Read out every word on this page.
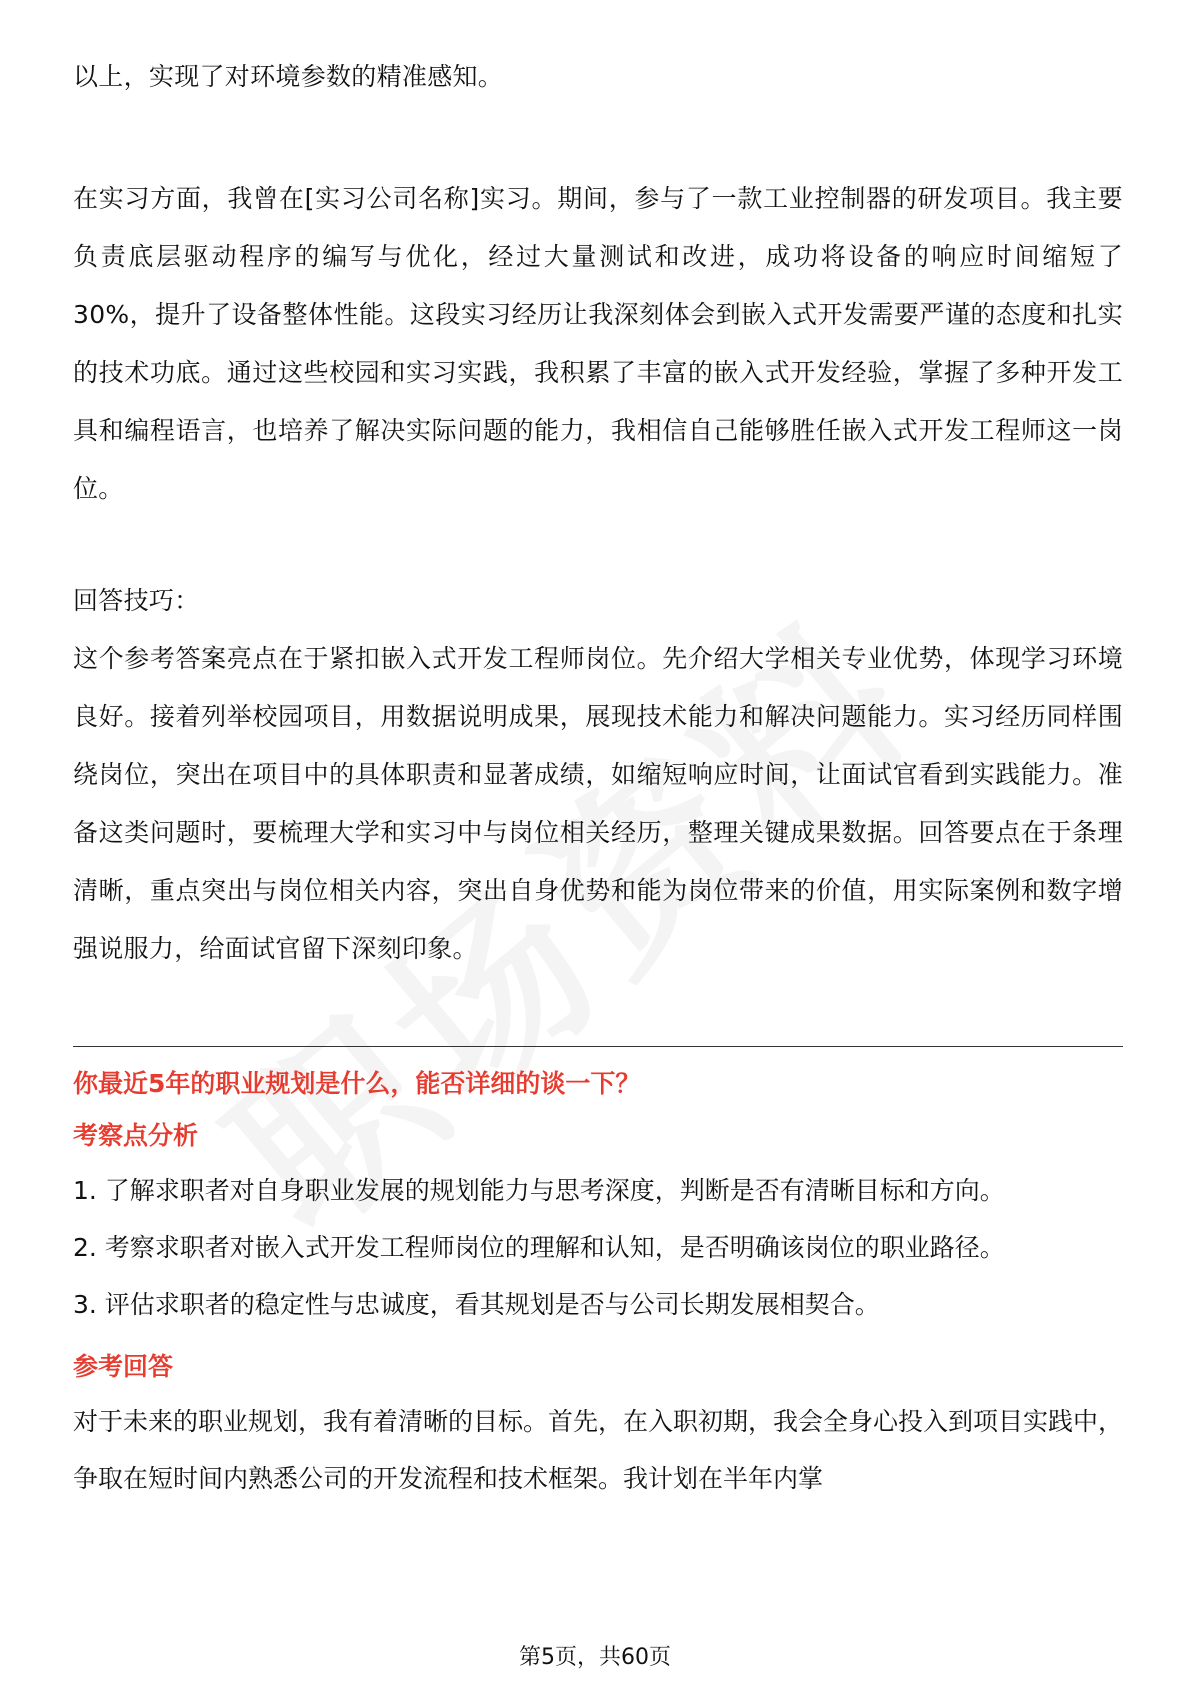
以上，实现了对环境参数的精准感知。

在实习方面，我曾在[实习公司名称]实习。期间，参与了一款工业控制器的研发项目。我主要负责底层驱动程序的编写与优化，经过大量测试和改进，成功将设备的响应时间缩短了 30%，提升了设备整体性能。这段实习经历让我深刻体会到嵌入式开发需要严谨的态度和扎实的技术功底。通过这些校园和实习实践，我积累了丰富的嵌入式开发经验，掌握了多种开发工具和编程语言，也培养了解决实际问题的能力，我相信自己能够胜任嵌入式开发工程师这一岗位。

回答技巧：

这个参考答案亮点在于紧扣嵌入式开发工程师岗位。先介绍大学相关专业优势，体现学习环境良好。接着列举校园项目，用数据说明成果，展现技术能力和解决问题能力。实习经历同样围绕岗位，突出在项目中的具体职责和显著成绩，如缩短响应时间，让面试官看到实践能力。准备这类问题时，要梳理大学和实习中与岗位相关经历，整理关键成果数据。回答要点在于条理清晰，重点突出与岗位相关内容，突出自身优势和能为岗位带来的价值，用实际案例和数字增强说服力，给面试官留下深刻印象。

你最近5年的职业规划是什么，能否详细的谈一下？

考察点分析

1. 了解求职者对自身职业发展的规划能力与思考深度，判断是否有清晰目标和方向。

2. 考察求职者对嵌入式开发工程师岗位的理解和认知，是否明确该岗位的职业路径。

3. 评估求职者的稳定性与忠诚度，看其规划是否与公司长期发展相契合。

参考回答

对于未来的职业规划，我有着清晰的目标。首先，在入职初期，我会全身心投入到项目实践中，争取在短时间内熟悉公司的开发流程和技术框架。我计划在半年内掌

第5页，共60页
